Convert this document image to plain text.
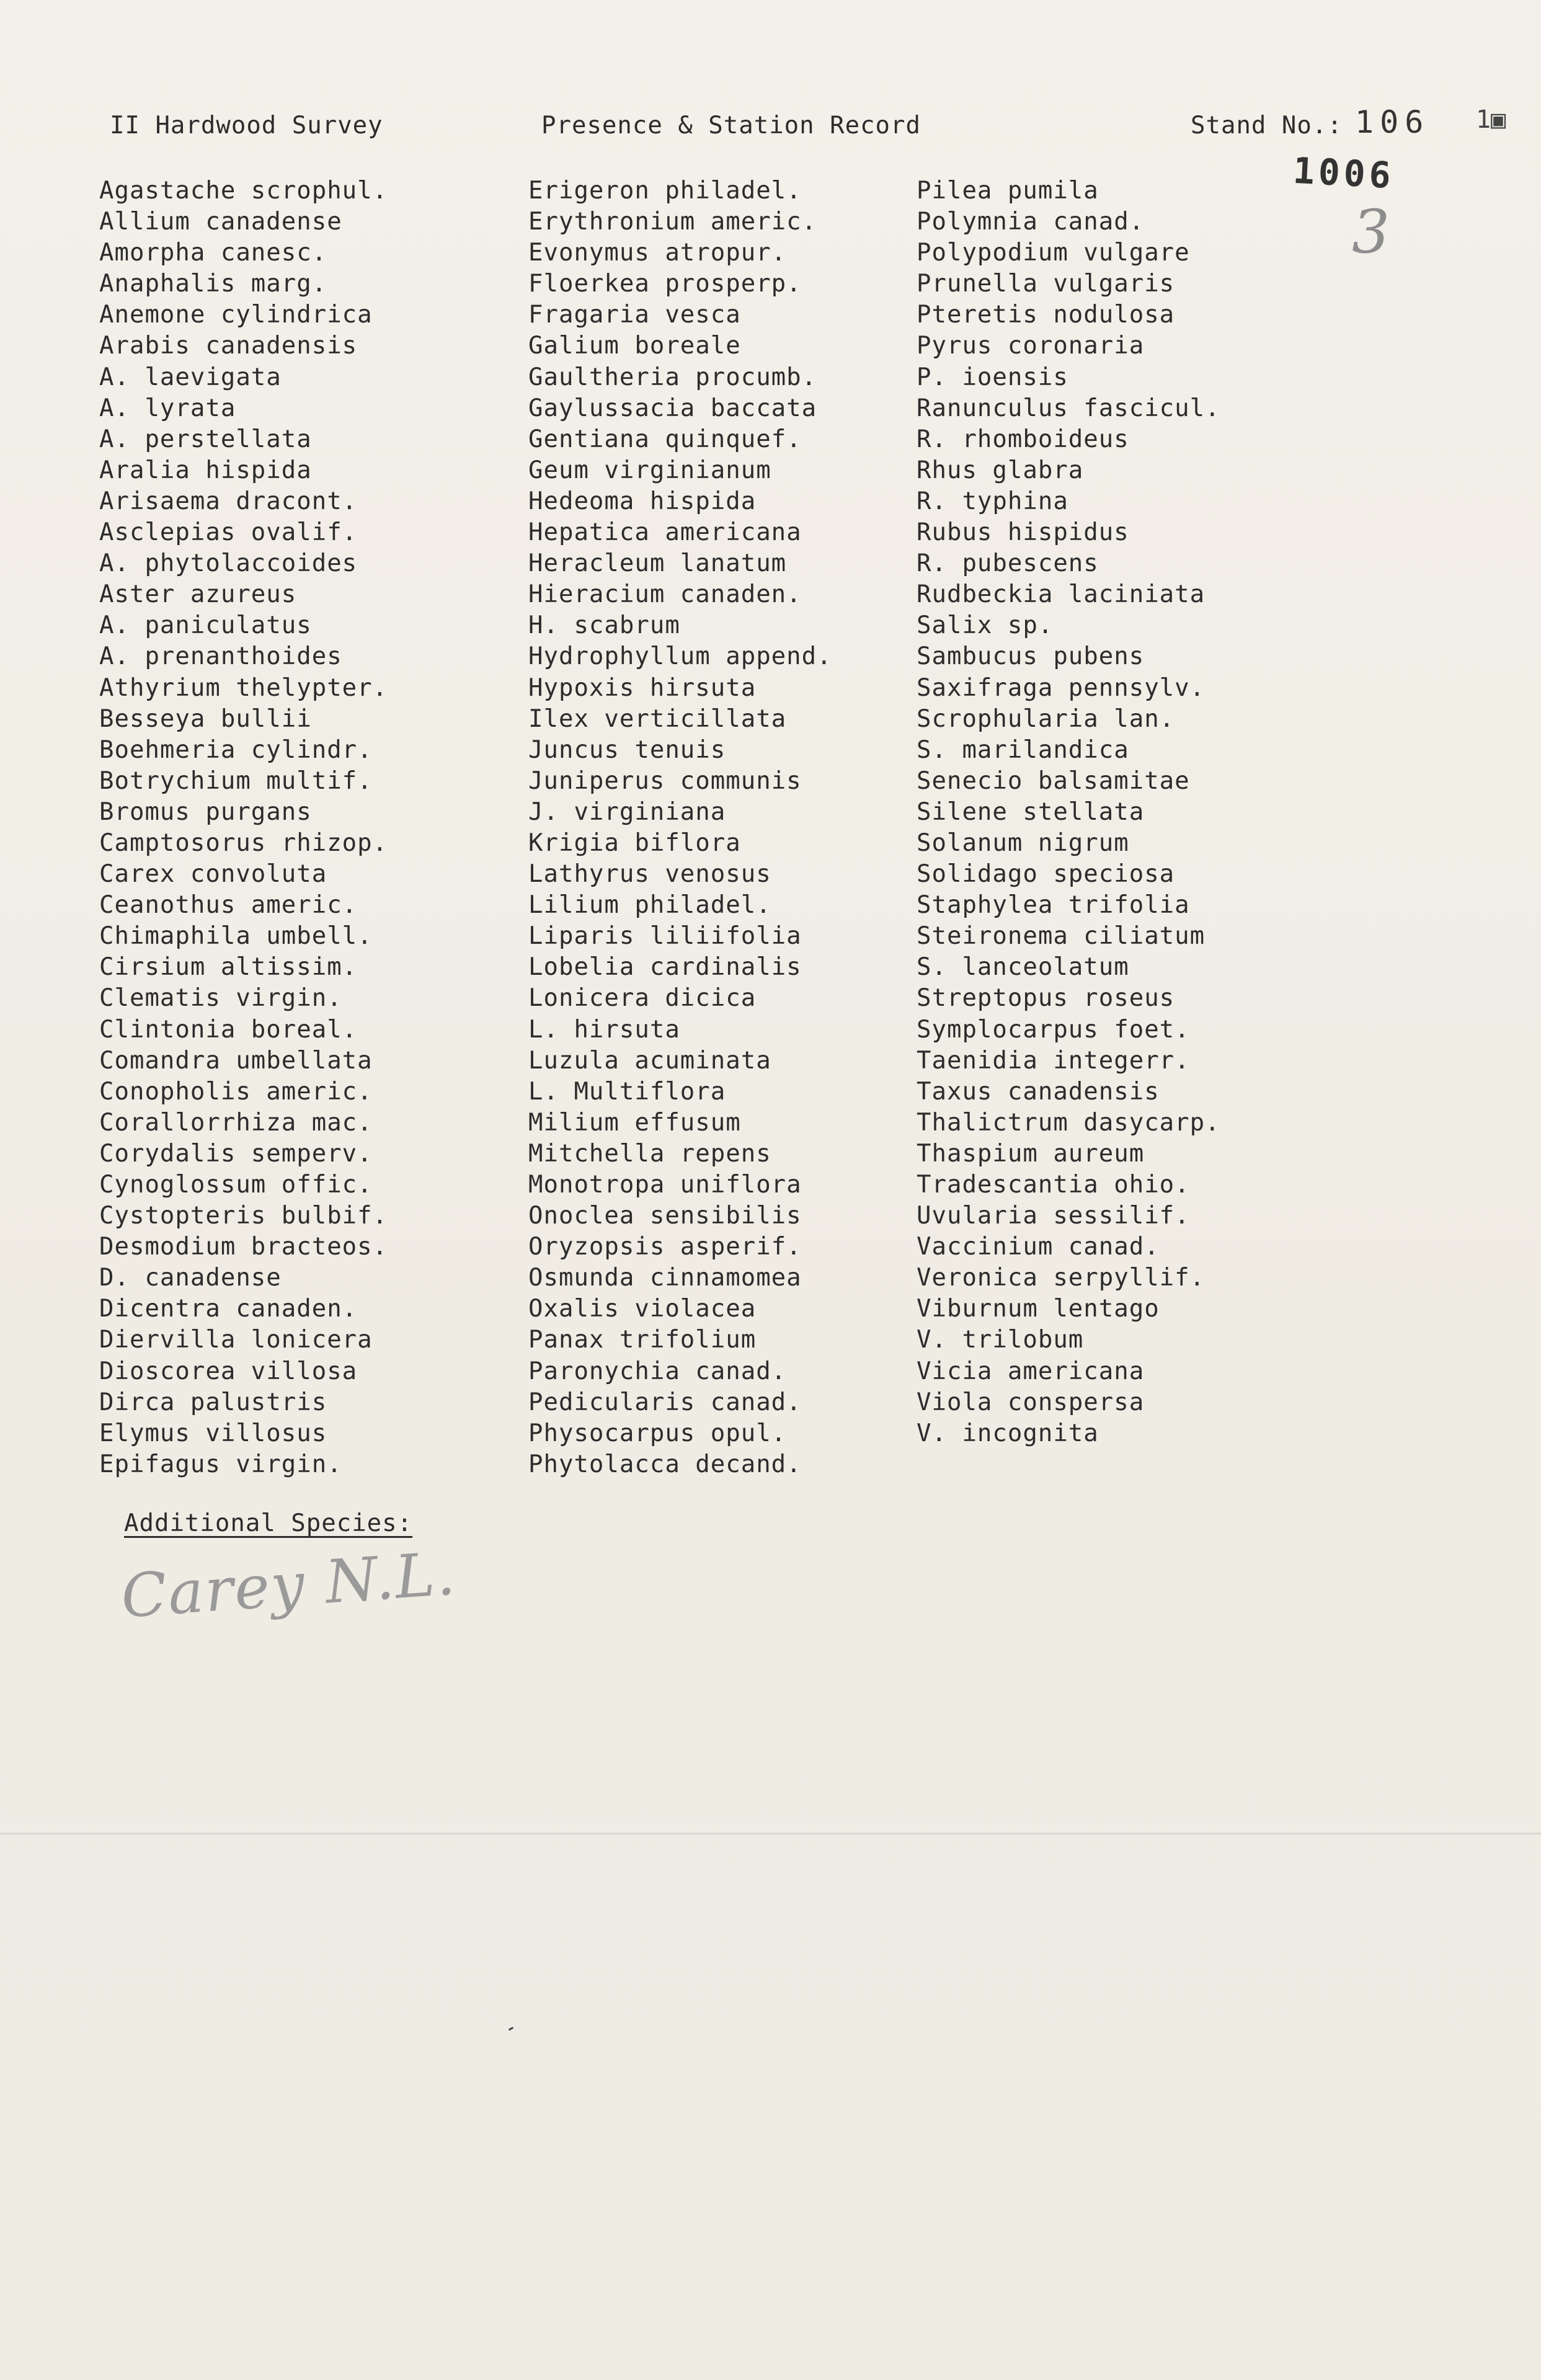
II Hardwood Survey	Presence & Station Record	Stand No.: 106 1▣
1006
3
Agastache scrophul.
Allium canadense
Amorpha canesc.
Anaphalis marg.
Anemone cylindrica
Arabis canadensis
A. laevigata
A. lyrata
A. perstellata
Aralia hispida
Arisaema dracont.
Asclepias ovalif.
A. phytolaccoides
Aster azureus
A. paniculatus
A. prenanthoides
Athyrium thelypter.
Besseya bullii
Boehmeria cylindr.
Botrychium multif.
Bromus purgans
Camptosorus rhizop.
Carex convoluta
Ceanothus americ.
Chimaphila umbell.
Cirsium altissim.
Clematis virgin.
Clintonia boreal.
Comandra umbellata
Conopholis americ.
Corallorrhiza mac.
Corydalis semperv.
Cynoglossum offic.
Cystopteris bulbif.
Desmodium bracteos.
D. canadense
Dicentra canaden.
Diervilla lonicera
Dioscorea villosa
Dirca palustris
Elymus villosus
Epifagus virgin.
Erigeron philadel.
Erythronium americ.
Evonymus atropur.
Floerkea prosperp.
Fragaria vesca
Galium boreale
Gaultheria procumb.
Gaylussacia baccata
Gentiana quinquef.
Geum virginianum
Hedeoma hispida
Hepatica americana
Heracleum lanatum
Hieracium canaden.
H. scabrum
Hydrophyllum append.
Hypoxis hirsuta
Ilex verticillata
Juncus tenuis
Juniperus communis
J. virginiana
Krigia biflora
Lathyrus venosus
Lilium philadel.
Liparis liliifolia
Lobelia cardinalis
Lonicera dicica
L. hirsuta
Luzula acuminata
L. Multiflora
Milium effusum
Mitchella repens
Monotropa uniflora
Onoclea sensibilis
Oryzopsis asperif.
Osmunda cinnamomea
Oxalis violacea
Panax trifolium
Paronychia canad.
Pedicularis canad.
Physocarpus opul.
Phytolacca decand.
Pilea pumila
Polymnia canad.
Polypodium vulgare
Prunella vulgaris
Pteretis nodulosa
Pyrus coronaria
P. ioensis
Ranunculus fascicul.
R. rhomboideus
Rhus glabra
R. typhina
Rubus hispidus
R. pubescens
Rudbeckia laciniata
Salix sp.
Sambucus pubens
Saxifraga pennsylv.
Scrophularia lan.
S. marilandica
Senecio balsamitae
Silene stellata
Solanum nigrum
Solidago speciosa
Staphylea trifolia
Steironema ciliatum
S. lanceolatum
Streptopus roseus
Symplocarpus foet.
Taenidia integerr.
Taxus canadensis
Thalictrum dasycarp.
Thaspium aureum
Tradescantia ohio.
Uvularia sessilif.
Vaccinium canad.
Veronica serpyllif.
Viburnum lentago
V. trilobum
Vicia americana
Viola conspersa
V. incognita
Additional Species:
Carey N.L.
